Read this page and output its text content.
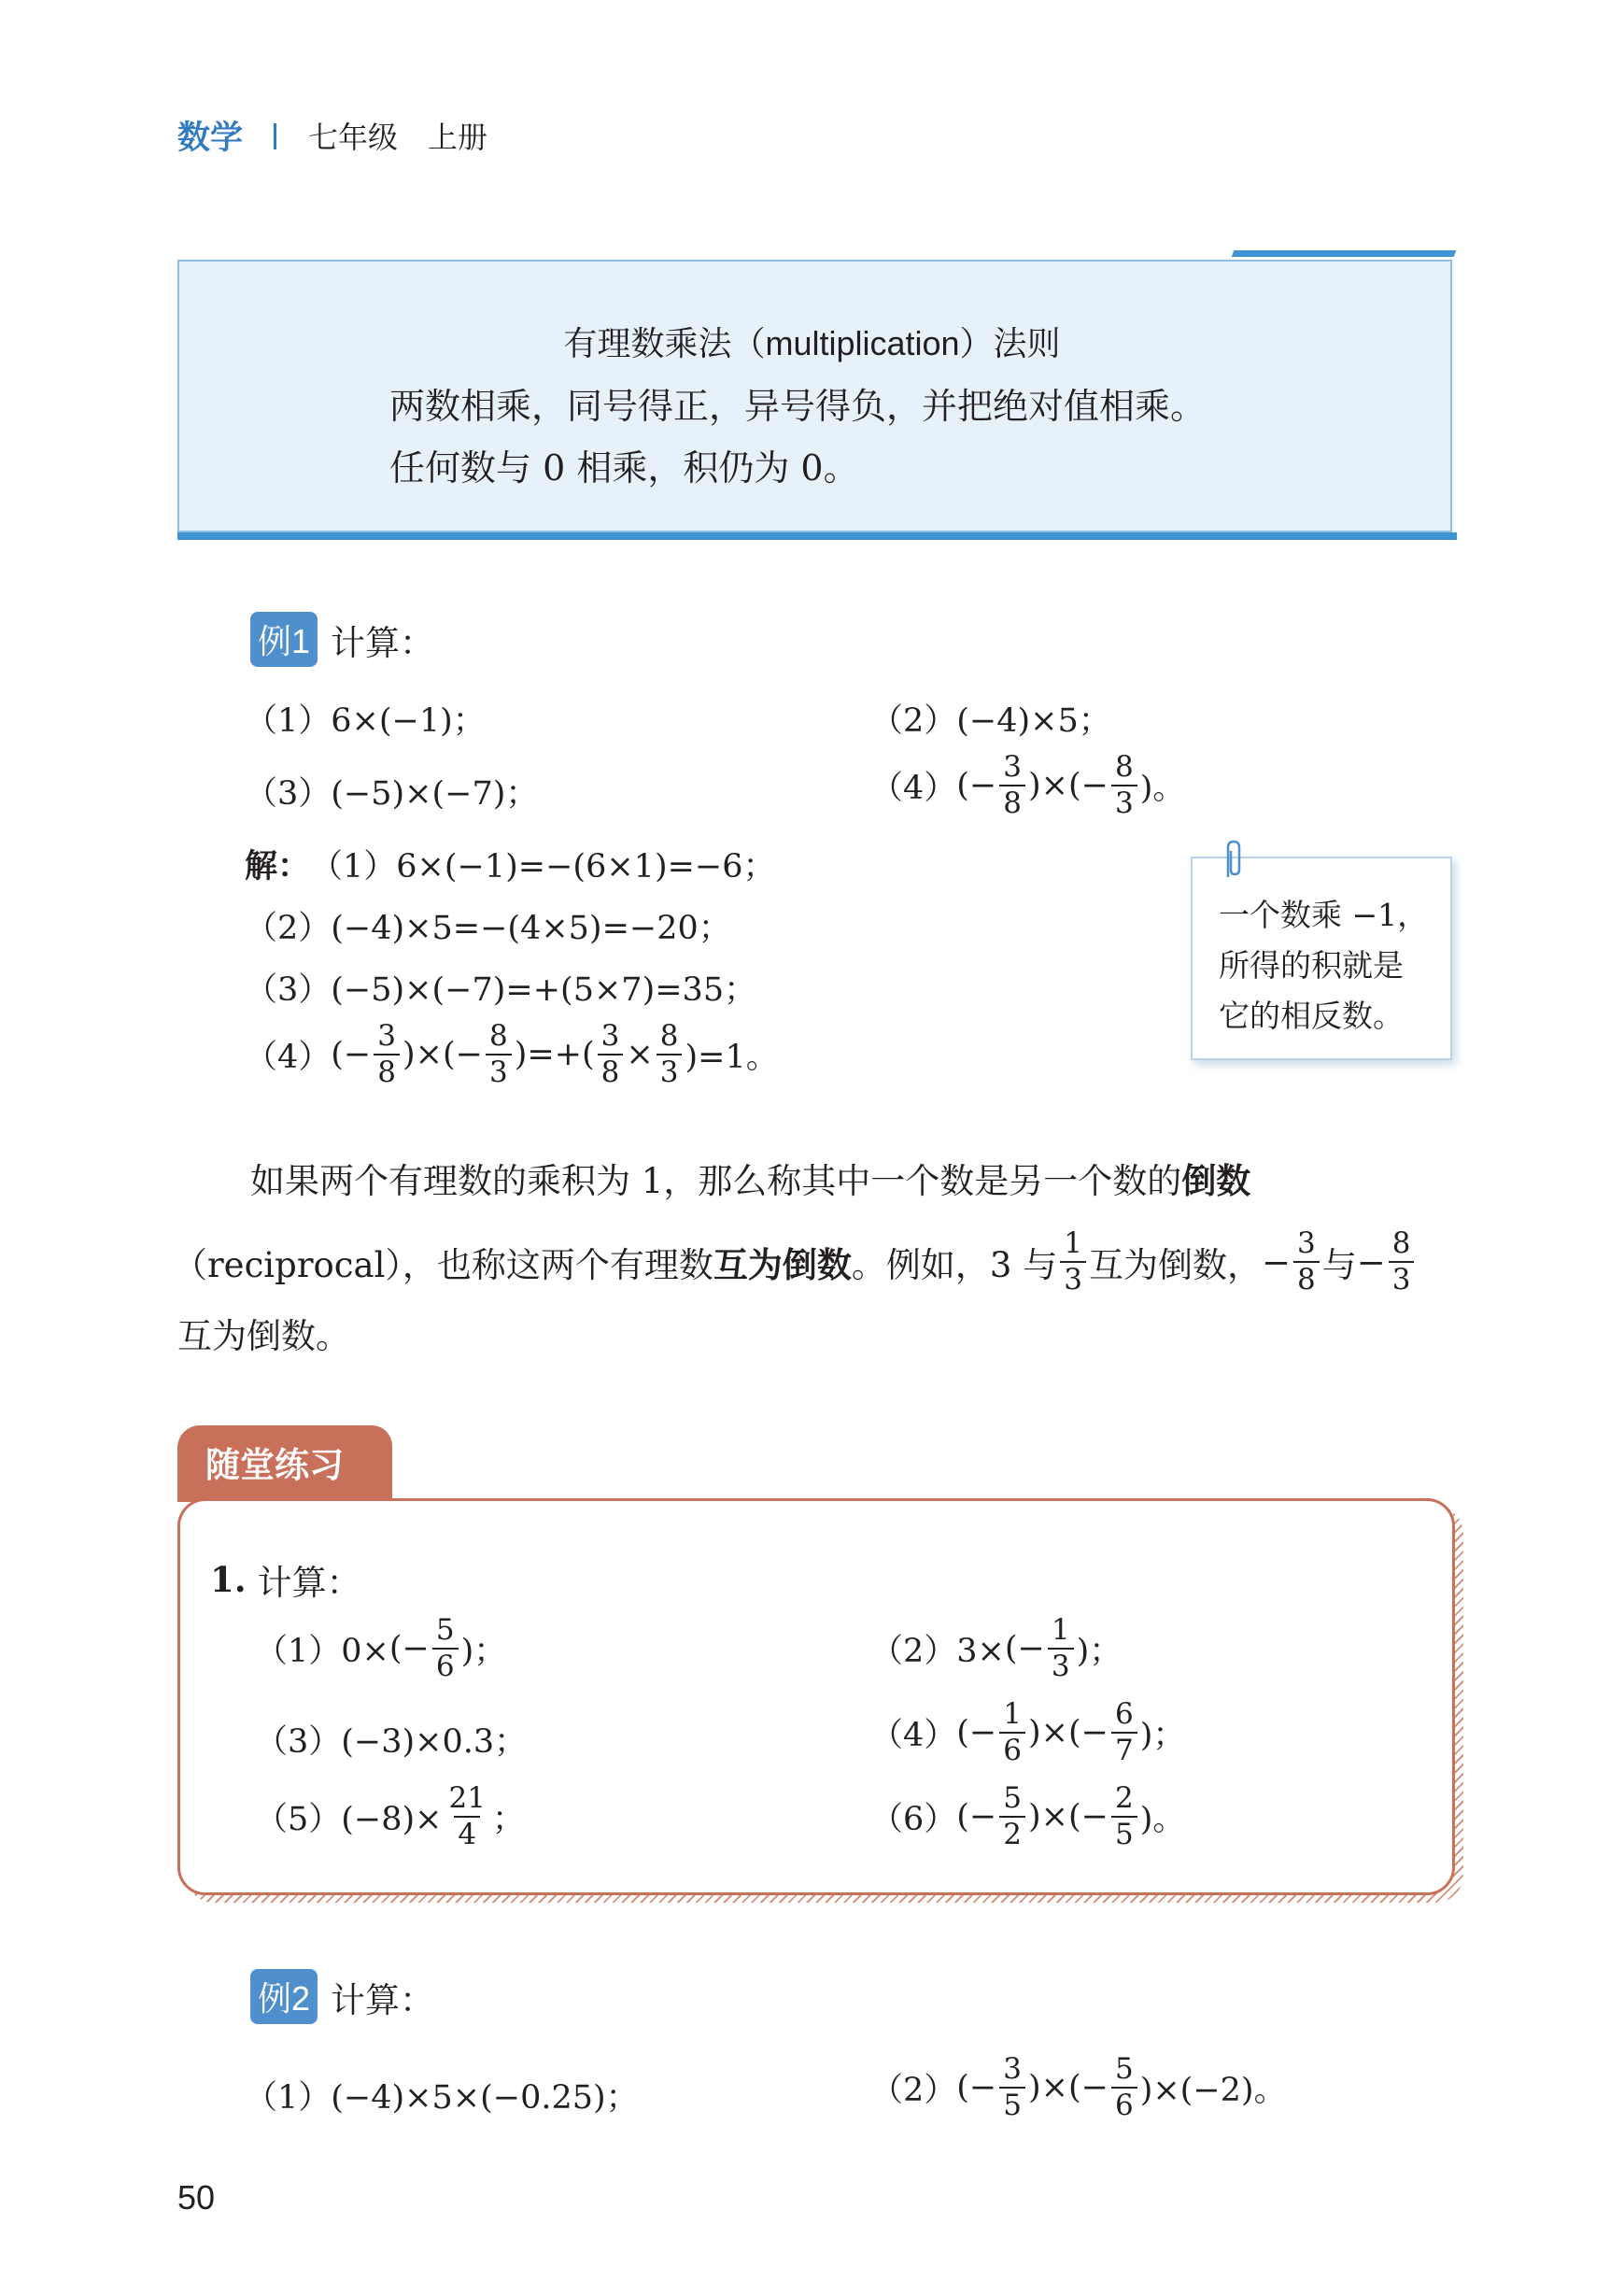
数学 七年级　上册
有理数乘法（multiplication）法则
两数相乘，同号得正，异号得负，并把绝对值相乘。
任何数与 0 相乘，积仍为 0。
例1 计算：
（1）6×(−1)；	（2）(−4)×5；
（3）(−5)×(−7)；	（4） (− $\frac{3}{8}$ )×(− $\frac{8}{3}$ )。
解： （1）6×(−1)=−(6×1)=−6；
（2）(−4)×5=−(4×5)=−20；
（3）(−5)×(−7)=+(5×7)=35；
（4） (− $\frac{3}{8}$ )×(− $\frac{8}{3}$ )=+( $\frac{3}{8} \times \frac{8}{3} )=1$。
一个数乘 −1，
所得的积就是
它的相反数。
如果两个有理数的乘积为 1，那么称其中一个数是另一个数的 倒数
（reciprocal），也称这两个有理数 互为倒数 。例如，3 与 $\frac{1}{3}$ 互为倒数， − $\frac{3}{8}$ 与 − $\frac{8}{3}$
互为倒数。
随堂练习
1. 计算：
（1）0× (− $\frac{5}{6}$ )；	（2）3× (− $\frac{1}{3}$ )；
（3）(−3)×0.3；	（4） (− $\frac{1}{6}$ )×(− $\frac{6}{7}$ )；
$(5)(-8)\times \frac{21}{4}$ ；	（6） (− $\frac{5}{2}$ )×(− $\frac{2}{5}$ )。
例2 计算：
（1）(−4)×5×(−0.25)；	（2） (− $\frac{3}{5}$ )×(− $\frac{5}{6} )\times(-2)$。
50
